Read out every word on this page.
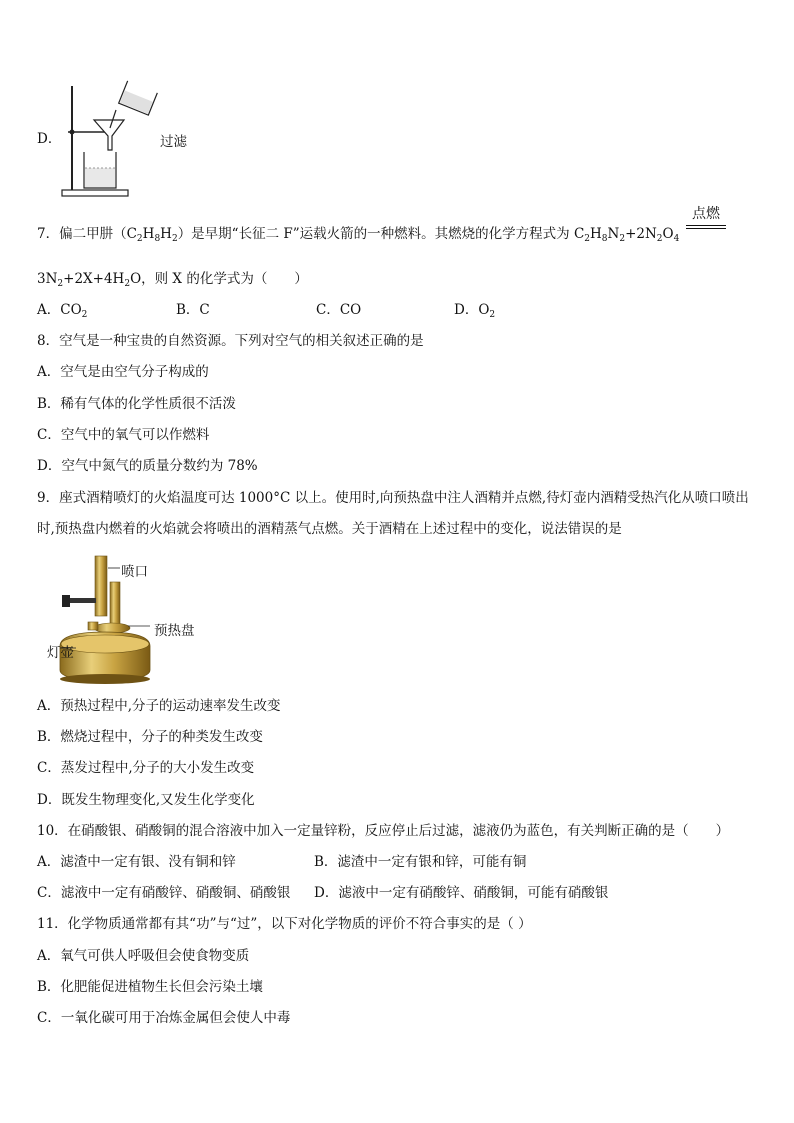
D．	过滤
7．偏二甲肼$(C_2H_8H_2)$是早期“长征二 F”运载火箭的一种燃料。其燃烧的化学方程式为 $C_2H_8N_2+2N_2O_4$
点燃
$3N_2+2X+4H_2O$，则 X 的化学式为（　　）
A．$CO_2$	B．C	C．CO	D．$O_2$
8．空气是一种宝贵的自然资源。下列对空气的相关叙述正确的是
A．空气是由空气分子构成的
B．稀有气体的化学性质很不活泼
C．空气中的氧气可以作燃料
D．空气中氮气的质量分数约为 78%
9．座式酒精喷灯的火焰温度可达 1000°C 以上。使用时,向预热盘中注人酒精并点燃,待灯壶内酒精受热汽化从喷口喷出
时,预热盘内燃着的火焰就会将喷出的酒精蒸气点燃。关于酒精在上述过程中的变化，说法错误的是
喷口
预热盘
灯壶
A．预热过程中,分子的运动速率发生改变
B．燃烧过程中，分子的种类发生改变
C．蒸发过程中,分子的大小发生改变
D．既发生物理变化,又发生化学变化
10．在硝酸银、硝酸铜的混合溶液中加入一定量锌粉，反应停止后过滤，滤液仍为蓝色，有关判断正确的是（　　）
A．滤渣中一定有银、没有铜和锌	B．滤渣中一定有银和锌，可能有铜
C．滤液中一定有硝酸锌、硝酸铜、硝酸银 D．滤液中一定有硝酸锌、硝酸铜，可能有硝酸银
11．化学物质通常都有其“功”与“过”，以下对化学物质的评价不符合事实的是（ ）
A．氧气可供人呼吸但会使食物变质
B．化肥能促进植物生长但会污染土壤
C．一氧化碳可用于冶炼金属但会使人中毒
